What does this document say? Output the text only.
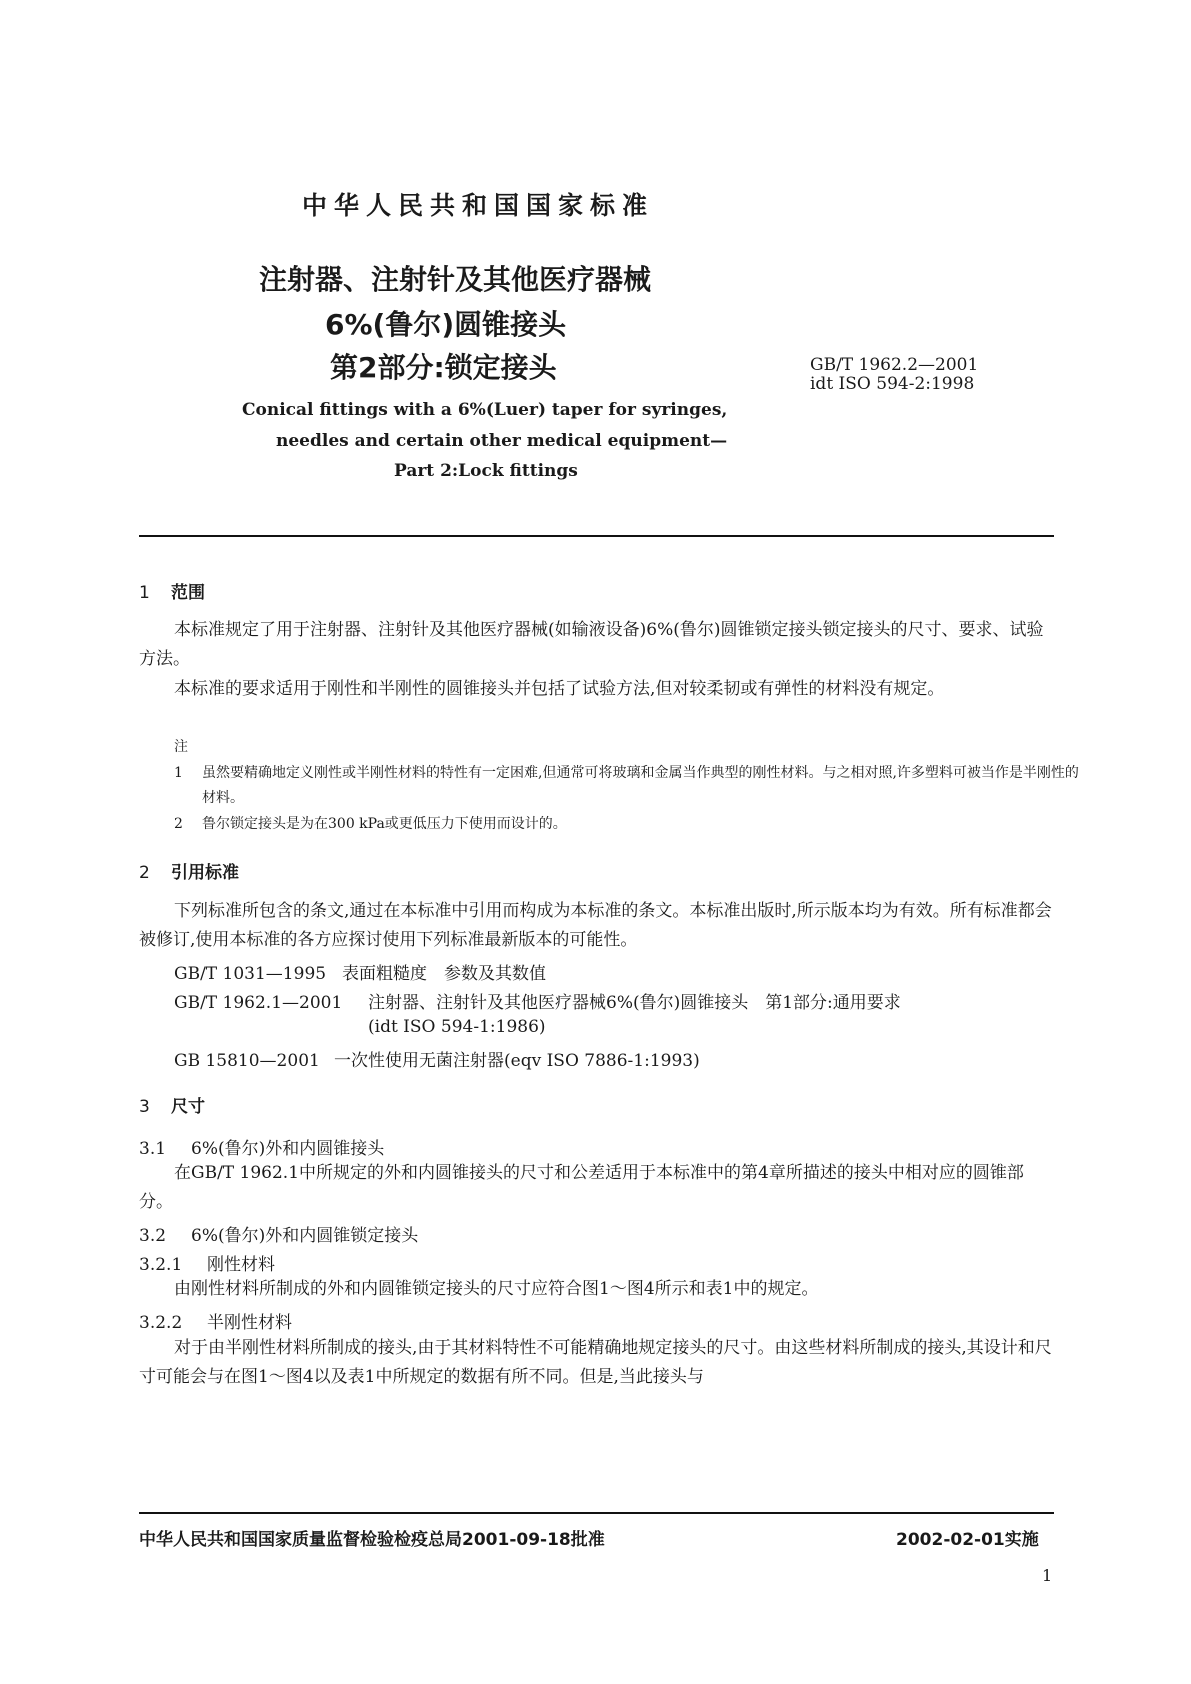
中华人民共和国国家标准
注射器、注射针及其他医疗器械
6%(鲁尔)圆锥接头
第2部分:锁定接头	GB/T 1962.2—2001
idt ISO 594-2:1998
Conical fittings with a 6%(Luer) taper for syringes,
needles and certain other medical equipment—
Part 2:Lock fittings
1 范围

本标准规定了用于注射器、注射针及其他医疗器械(如输液设备)6%(鲁尔)圆锥锁定接头锁定接头的尺寸、要求、试验方法。

本标准的要求适用于刚性和半刚性的圆锥接头并包括了试验方法,但对较柔韧或有弹性的材料没有规定。

注

1 虽然要精确地定义刚性或半刚性材料的特性有一定困难,但通常可将玻璃和金属当作典型的刚性材料。与之相对照,许多塑料可被当作是半刚性的材料。

2 鲁尔锁定接头是为在300 kPa或更低压力下使用而设计的。

2 引用标准

下列标准所包含的条文,通过在本标准中引用而构成为本标准的条文。本标准出版时,所示版本均为有效。所有标准都会被修订,使用本标准的各方应探讨使用下列标准最新版本的可能性。

GB/T 1031—1995 表面粗糙度　参数及其数值
GB/T 1962.1—2001 注射器、注射针及其他医疗器械6%(鲁尔)圆锥接头　第1部分:通用要求
(idt ISO 594-1:1986)
GB 15810—2001 一次性使用无菌注射器(eqv ISO 7886-1:1993)
3 尺寸
3.1 6%(鲁尔)外和内圆锥接头

在GB/T 1962.1中所规定的外和内圆锥接头的尺寸和公差适用于本标准中的第4章所描述的接头中相对应的圆锥部分。

3.2 6%(鲁尔)外和内圆锥锁定接头
3.2.1 刚性材料

由刚性材料所制成的外和内圆锥锁定接头的尺寸应符合图1～图4所示和表1中的规定。

3.2.2 半刚性材料

对于由半刚性材料所制成的接头,由于其材料特性不可能精确地规定接头的尺寸。由这些材料所制成的接头,其设计和尺寸可能会与在图1～图4以及表1中所规定的数据有所不同。但是,当此接头与

中华人民共和国国家质量监督检验检疫总局2001-09-18批准	2002-02-01实施
1
